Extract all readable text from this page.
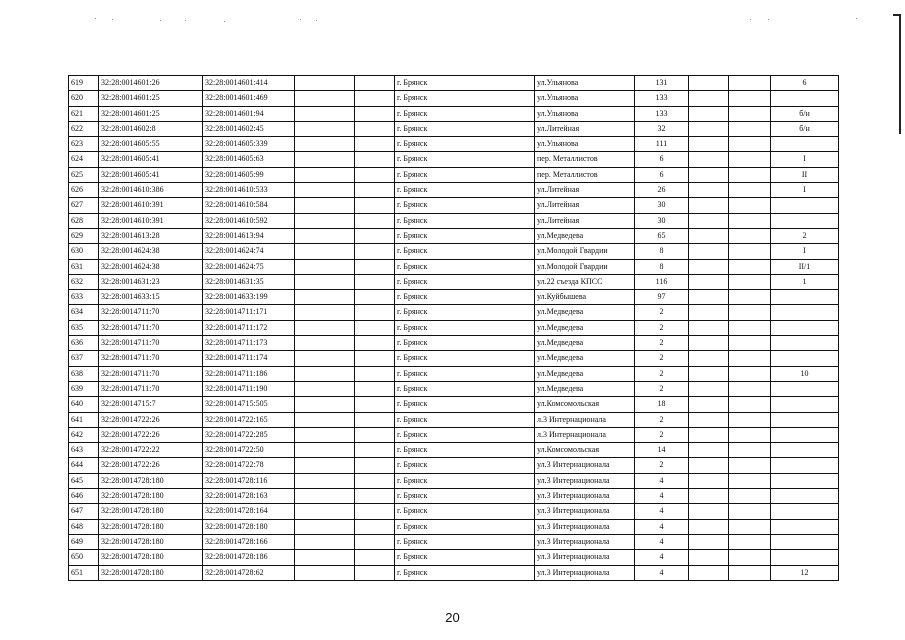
619	32:28:0014601:26	32:28:0014601:414			г. Брянск	ул.Ульянова	131			6
620	32:28:0014601:25	32:28:0014601:469			г. Брянск	ул.Ульянова	133			
621	32:28:0014601:25	32:28:0014601:94			г. Брянск	ул.Ульянова	133			б/н
622	32:28:0014602:8	32:28:0014602:45			г. Брянск	ул.Литейная	32			б/н
623	32:28:0014605:55	32:28:0014605:339			г. Брянск	ул.Ульянова	111			
624	32:28:0014605:41	32:28:0014605:63			г. Брянск	пер. Металлистов	6			I
625	32:28:0014605:41	32:28:0014605:99			г. Брянск	пер. Металлистов	6			II
626	32:28:0014610:386	32:28:0014610:533			г. Брянск	ул.Литейная	26			I
627	32:28:0014610:391	32:28:0014610:584			г. Брянск	ул.Литейная	30			
628	32:28:0014610:391	32:28:0014610:592			г. Брянск	ул.Литейная	30			
629	32:28:0014613:28	32:28:0014613:94			г. Брянск	ул.Медведева	65			2
630	32:28:0014624:38	32:28:0014624:74			г. Брянск	ул.Молодой Гвардии	8			I
631	32:28:0014624:38	32:28:0014624:75			г. Брянск	ул.Молодой Гвардии	8			II/1
632	32:28:0014631:23	32:28:0014631:35			г. Брянск	ул.22 съезда КПСС	116			1
633	32:28:0014633:15	32:28:0014633:199			г. Брянск	ул.Куйбышева	97			
634	32:28:0014711:70	32:28:0014711:171			г. Брянск	ул.Медведева	2			
635	32:28:0014711:70	32:28:0014711:172			г. Брянск	ул.Медведева	2			
636	32:28:0014711:70	32:28:0014711:173			г. Брянск	ул.Медведева	2			
637	32:28:0014711:70	32:28:0014711:174			г. Брянск	ул.Медведева	2			
638	32:28:0014711:70	32:28:0014711:186			г. Брянск	ул.Медведева	2			10
639	32:28:0014711:70	32:28:0014711:190			г. Брянск	ул.Медведева	2			
640	32:28:0014715:7	32:28:0014715:505			г. Брянск	ул.Комсомольская	18			
641	32:28:0014722:26	32:28:0014722:165			г. Брянск	л.3 Интернационала	2			
642	32:28:0014722:26	32:28:0014722:285			г. Брянск	л.3 Интернационала	2			
643	32:28:0014722:22	32:28:0014722:50			г. Брянск	ул.Комсомольская	14			
644	32:28:0014722:26	32:28:0014722:78			г. Брянск	ул.3 Интернационала	2			
645	32:28:0014728:180	32:28:0014728:116			г. Брянск	ул.3 Интернационала	4			
646	32:28:0014728:180	32:28:0014728:163			г. Брянск	ул.3 Интернационала	4			
647	32:28:0014728:180	32:28:0014728:164			г. Брянск	ул.3 Интернационала	4			
648	32:28:0014728:180	32:28:0014728:180			г. Брянск	ул.3 Интернационала	4			
649	32:28:0014728:180	32:28:0014728:166			г. Брянск	ул.3 Интернационала	4			
650	32:28:0014728:180	32:28:0014728:186			г. Брянск	ул.3 Интернационала	4			
651	32:28:0014728:180	32:28:0014728:62			г. Брянск	ул.3 Интернационала	4			12
20
